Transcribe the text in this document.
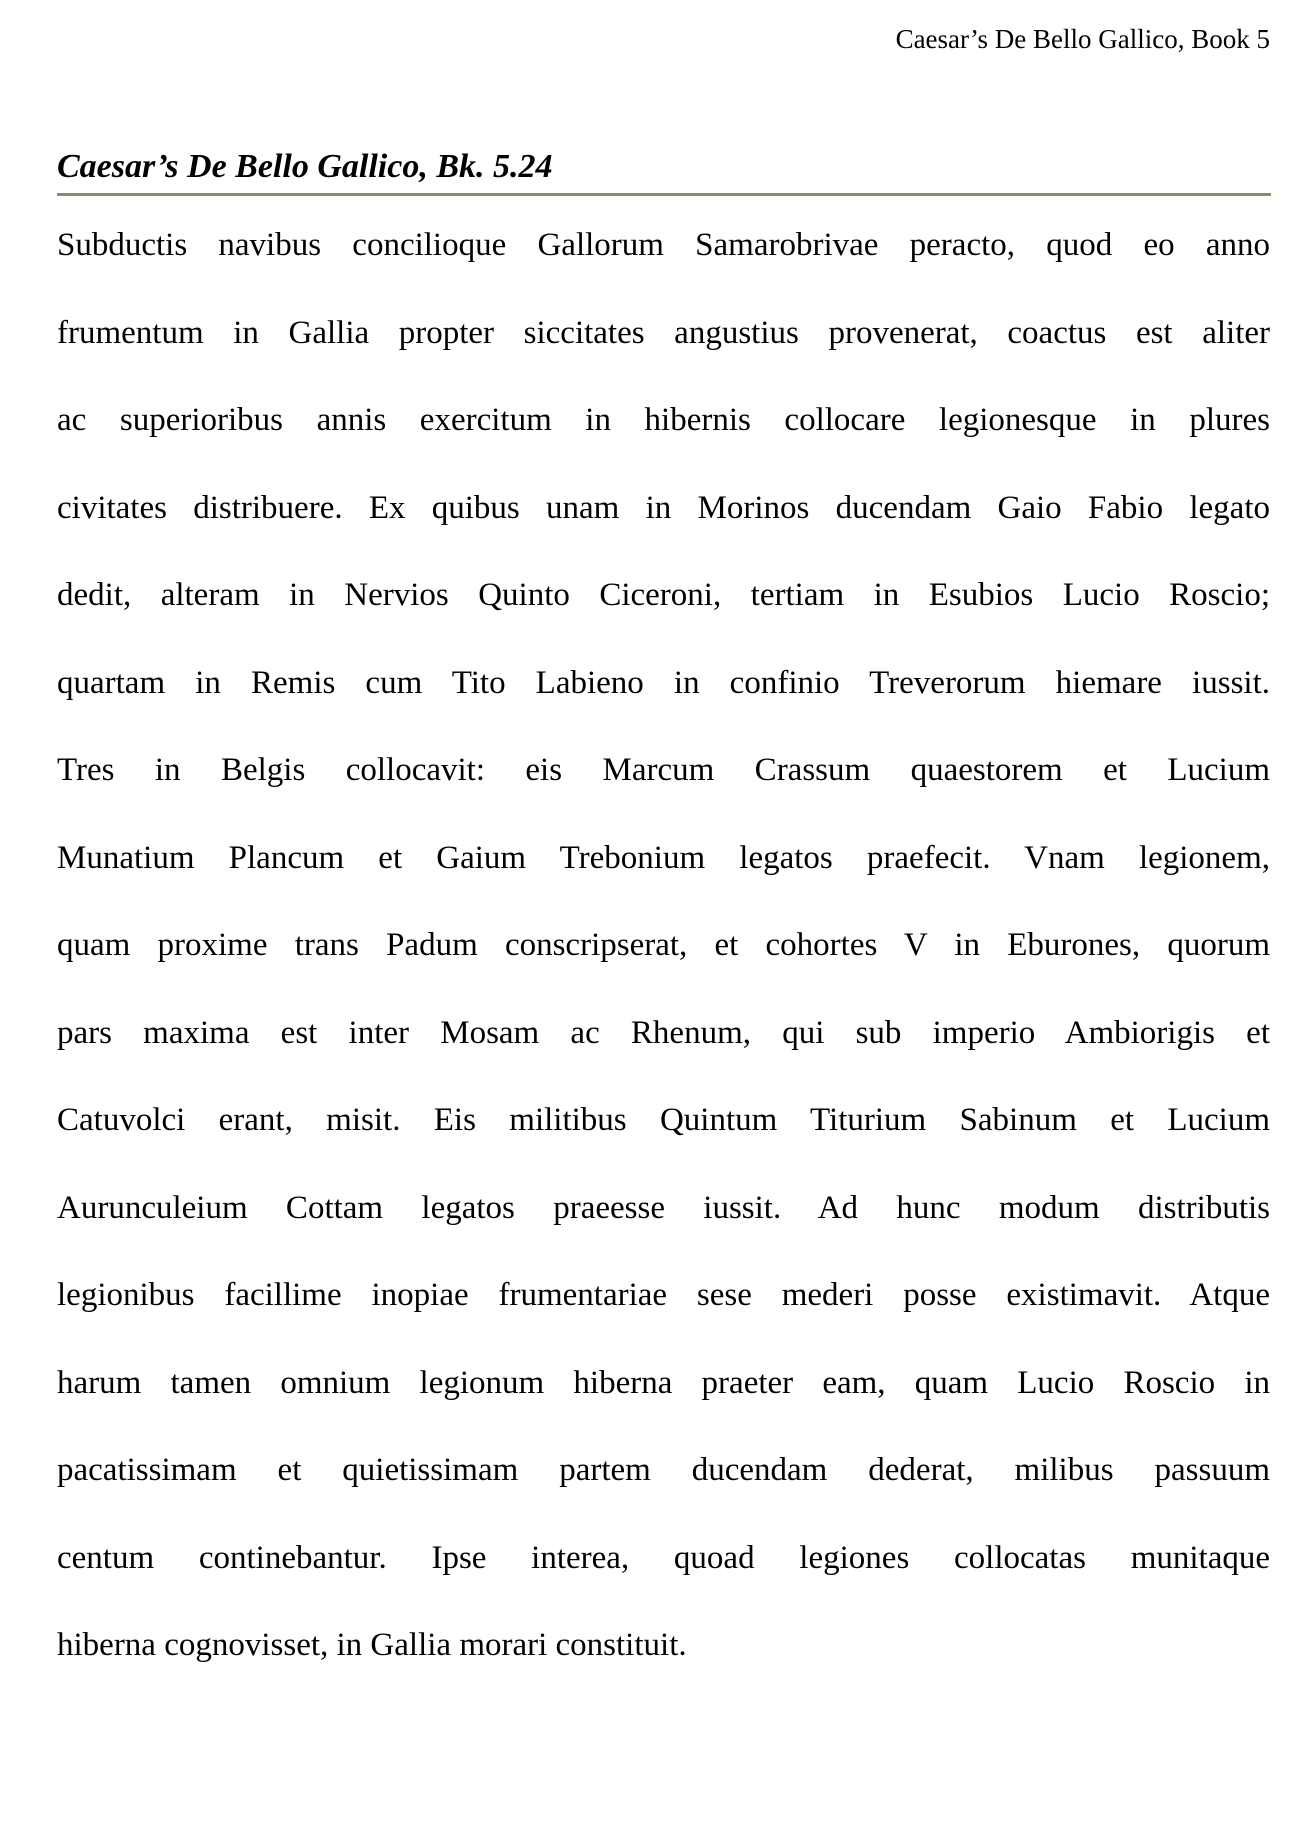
Caesar’s De Bello Gallico, Book 5
Caesar’s De Bello Gallico, Bk. 5.24
Subductis navibus concilioque Gallorum Samarobrivae peracto, quod eo anno
frumentum in Gallia propter siccitates angustius provenerat, coactus est aliter
ac superioribus annis exercitum in hibernis collocare legionesque in plures
civitates distribuere. Ex quibus unam in Morinos ducendam Gaio Fabio legato
dedit, alteram in Nervios Quinto Ciceroni, tertiam in Esubios Lucio Roscio;
quartam in Remis cum Tito Labieno in confinio Treverorum hiemare iussit.
Tres in Belgis collocavit: eis Marcum Crassum quaestorem et Lucium
Munatium Plancum et Gaium Trebonium legatos praefecit. Vnam legionem,
quam proxime trans Padum conscripserat, et cohortes V in Eburones, quorum
pars maxima est inter Mosam ac Rhenum, qui sub imperio Ambiorigis et
Catuvolci erant, misit. Eis militibus Quintum Titurium Sabinum et Lucium
Aurunculeium Cottam legatos praeesse iussit. Ad hunc modum distributis
legionibus facillime inopiae frumentariae sese mederi posse existimavit. Atque
harum tamen omnium legionum hiberna praeter eam, quam Lucio Roscio in
pacatissimam et quietissimam partem ducendam dederat, milibus passuum
centum continebantur. Ipse interea, quoad legiones collocatas munitaque
hiberna cognovisset, in Gallia morari constituit.
